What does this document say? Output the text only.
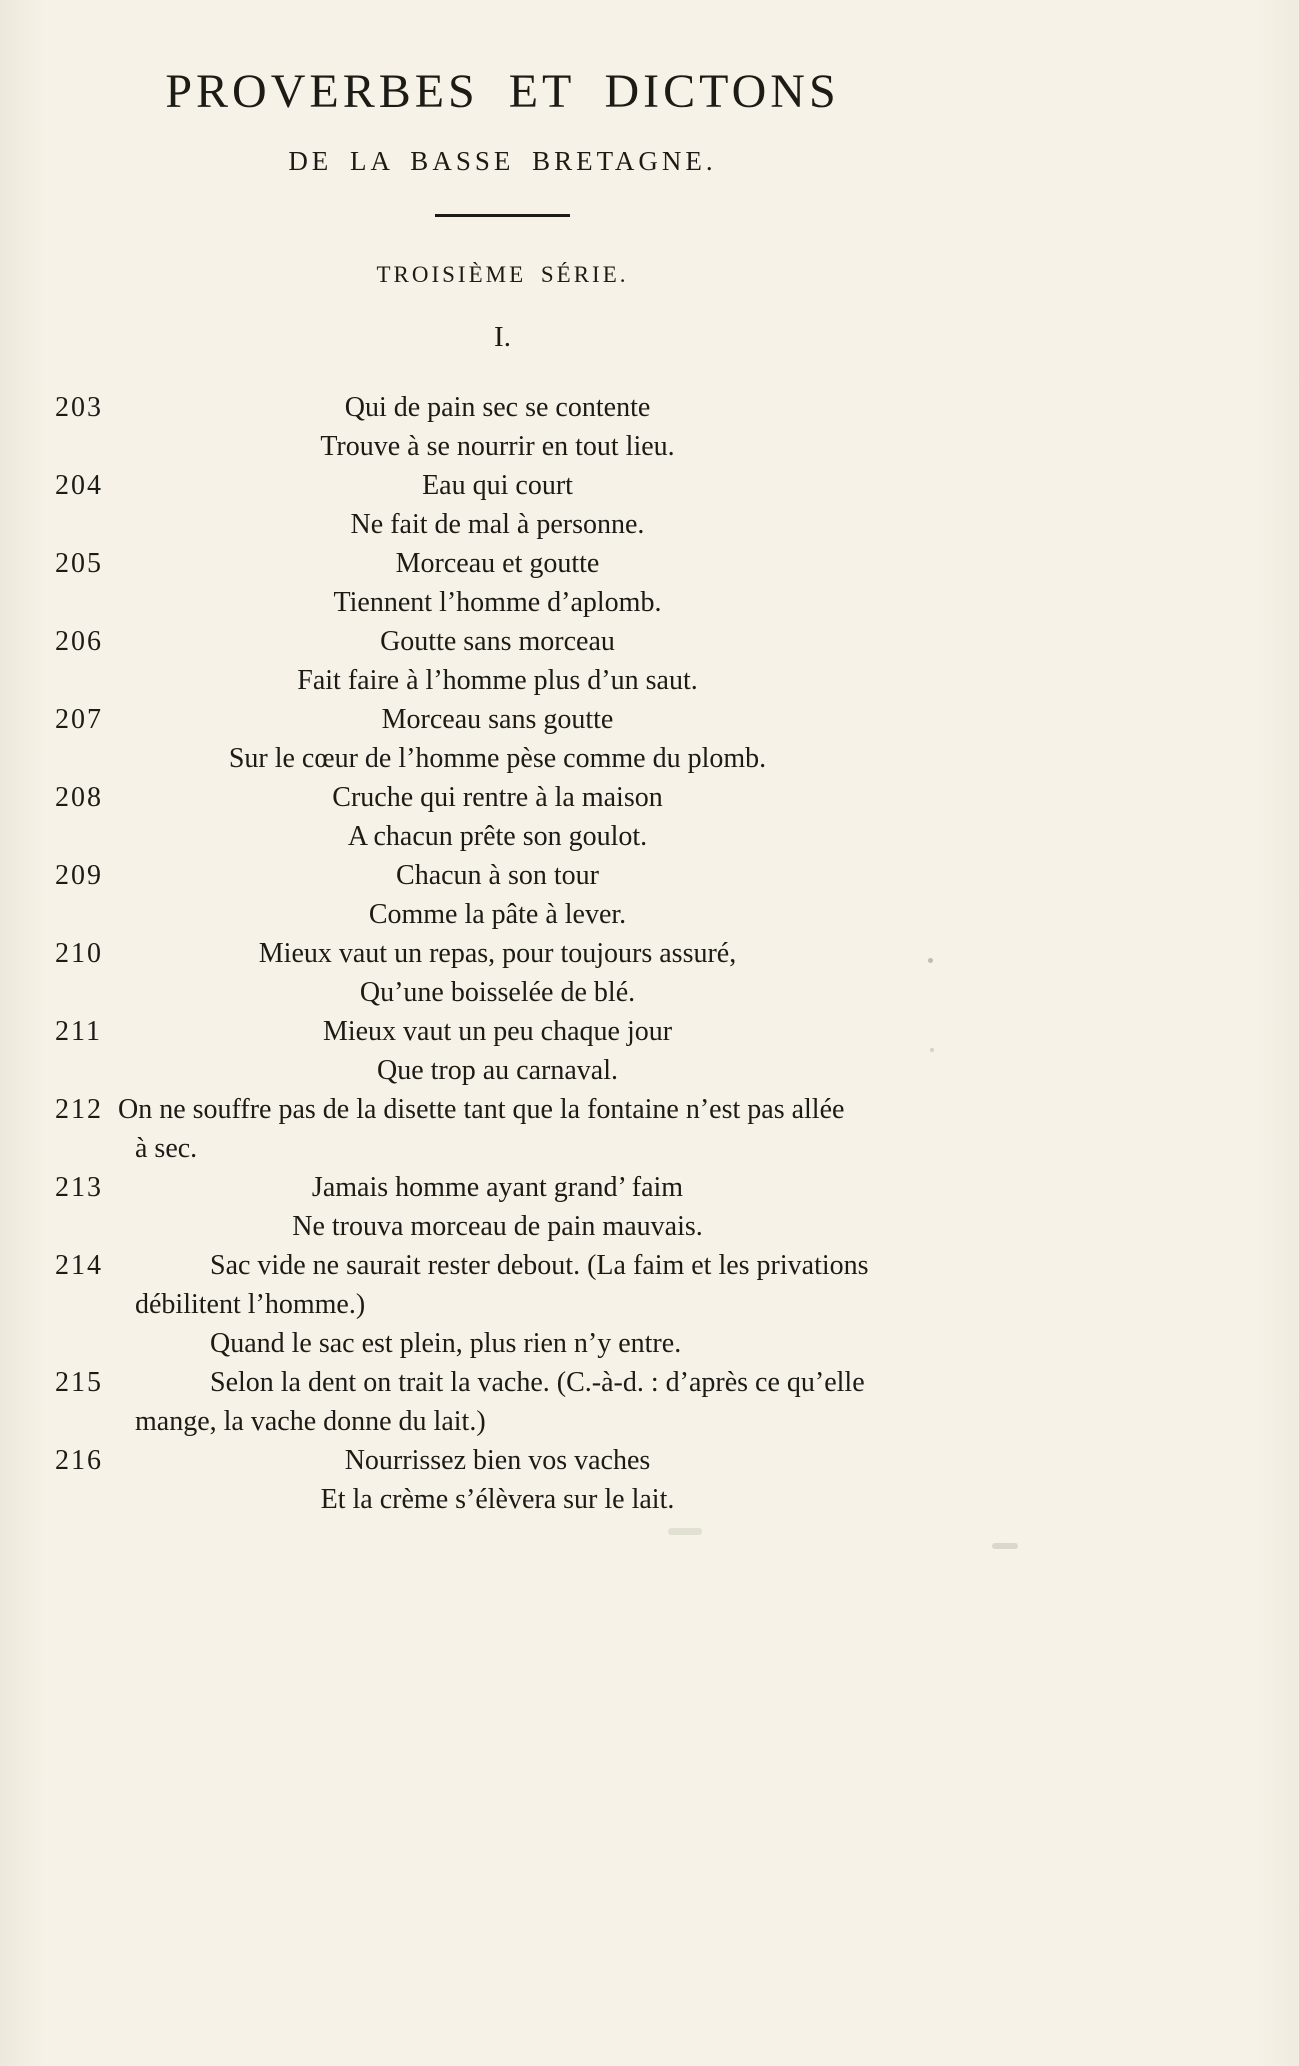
PROVERBES ET DICTONS
DE LA BASSE BRETAGNE.
TROISIÈME SÉRIE.
I.
203	Qui de pain sec se contente
Trouve à se nourrir en tout lieu.
204	Eau qui court
Ne fait de mal à personne.
205	Morceau et goutte
Tiennent l’homme d’aplomb.
206	Goutte sans morceau
Fait faire à l’homme plus d’un saut.
207	Morceau sans goutte
Sur le cœur de l’homme pèse comme du plomb.
208	Cruche qui rentre à la maison
A chacun prête son goulot.
209	Chacun à son tour
Comme la pâte à lever.
210	Mieux vaut un repas, pour toujours assuré,
Qu’une boisselée de blé.
211	Mieux vaut un peu chaque jour
Que trop au carnaval.
212 On ne souffre pas de la disette tant que la fontaine n’est pas allée
à sec.
213	Jamais homme ayant grand’ faim
Ne trouva morceau de pain mauvais.
214	Sac vide ne saurait rester debout. (La faim et les privations
débilitent l’homme.)
Quand le sac est plein, plus rien n’y entre.
215	Selon la dent on trait la vache. (C.-à-d. : d’après ce qu’elle
mange, la vache donne du lait.)
216	Nourrissez bien vos vaches
Et la crème s’élèvera sur le lait.
